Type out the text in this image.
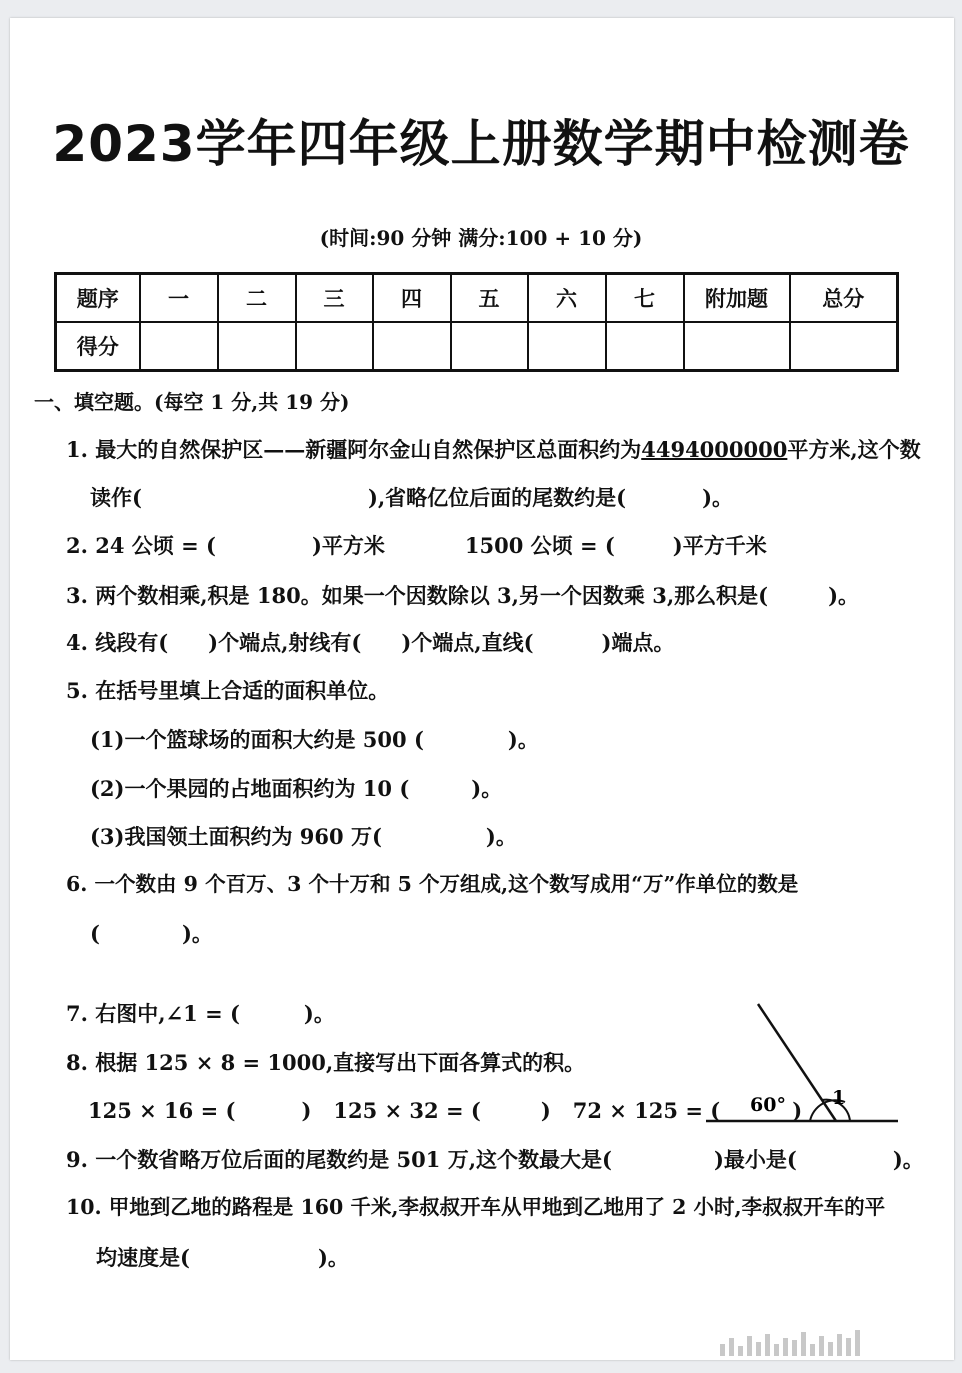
2023学年四年级上册数学期中检测卷
(时间:90 分钟 满分:100 + 10 分)
题序	一	二	三	四	五	六	七	附加题	总分
得分									
一、填空题。(每空 1 分,共 19 分)
1. 最大的自然保护区——新疆阿尔金山自然保护区总面积约为4494000000平方米,这个数
读作(	),省略亿位后面的尾数约是(	)。
2. 24 公顷 = (	)平方米	1500 公顷 = (	)平方千米
3. 两个数相乘,积是 180。如果一个因数除以 3,另一个因数乘 3,那么积是(	)。
4. 线段有( )个端点,射线有( )个端点,直线(	)端点。
5. 在括号里填上合适的面积单位。
(1)一个篮球场的面积大约是 500 (	)。
(2)一个果园的占地面积约为 10 (	)。
(3)我国领土面积约为 960 万(	)。
6. 一个数由 9 个百万、3 个十万和 5 个万组成,这个数写成用“万”作单位的数是
(	)。
7. 右图中,∠1 = (	)。
8. 根据 125 × 8 = 1000,直接写出下面各算式的积。
125 × 16 = (	) 125 × 32 = (	) 72 × 125 = (	)
60° 1
9. 一个数省略万位后面的尾数约是 501 万,这个数最大是(	)最小是(	)。
10. 甲地到乙地的路程是 160 千米,李叔叔开车从甲地到乙地用了 2 小时,李叔叔开车的平
均速度是(	)。
